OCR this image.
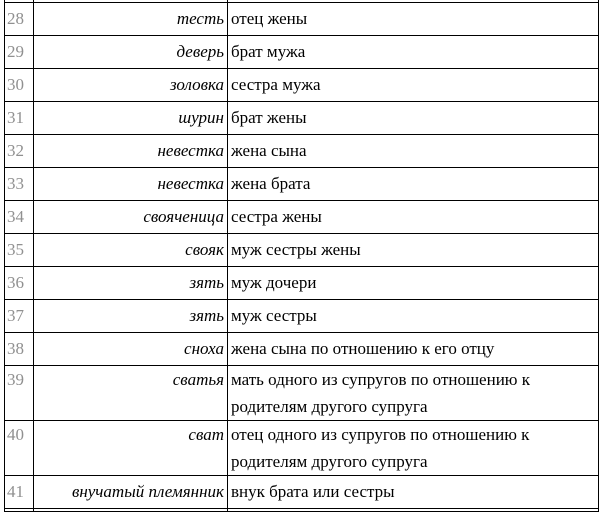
28	тесть	отец жены

29	деверь	брат мужа

30	золовка	сестра мужа

31	шурин	брат жены

32	невестка	жена сына

33	невестка	жена брата

34	свояченица	сестра жены

35	свояк	муж сестры жены

36	зять	муж дочери

37	зять	муж сестры

38	сноха	жена сына по отношению к его отцу

39	сватья	мать одного из супругов по отношению к родителям другого супруга

40	сват	отец одного из супругов по отношению к родителям другого супруга

41	внучатый племянник	внук брата или сестры
